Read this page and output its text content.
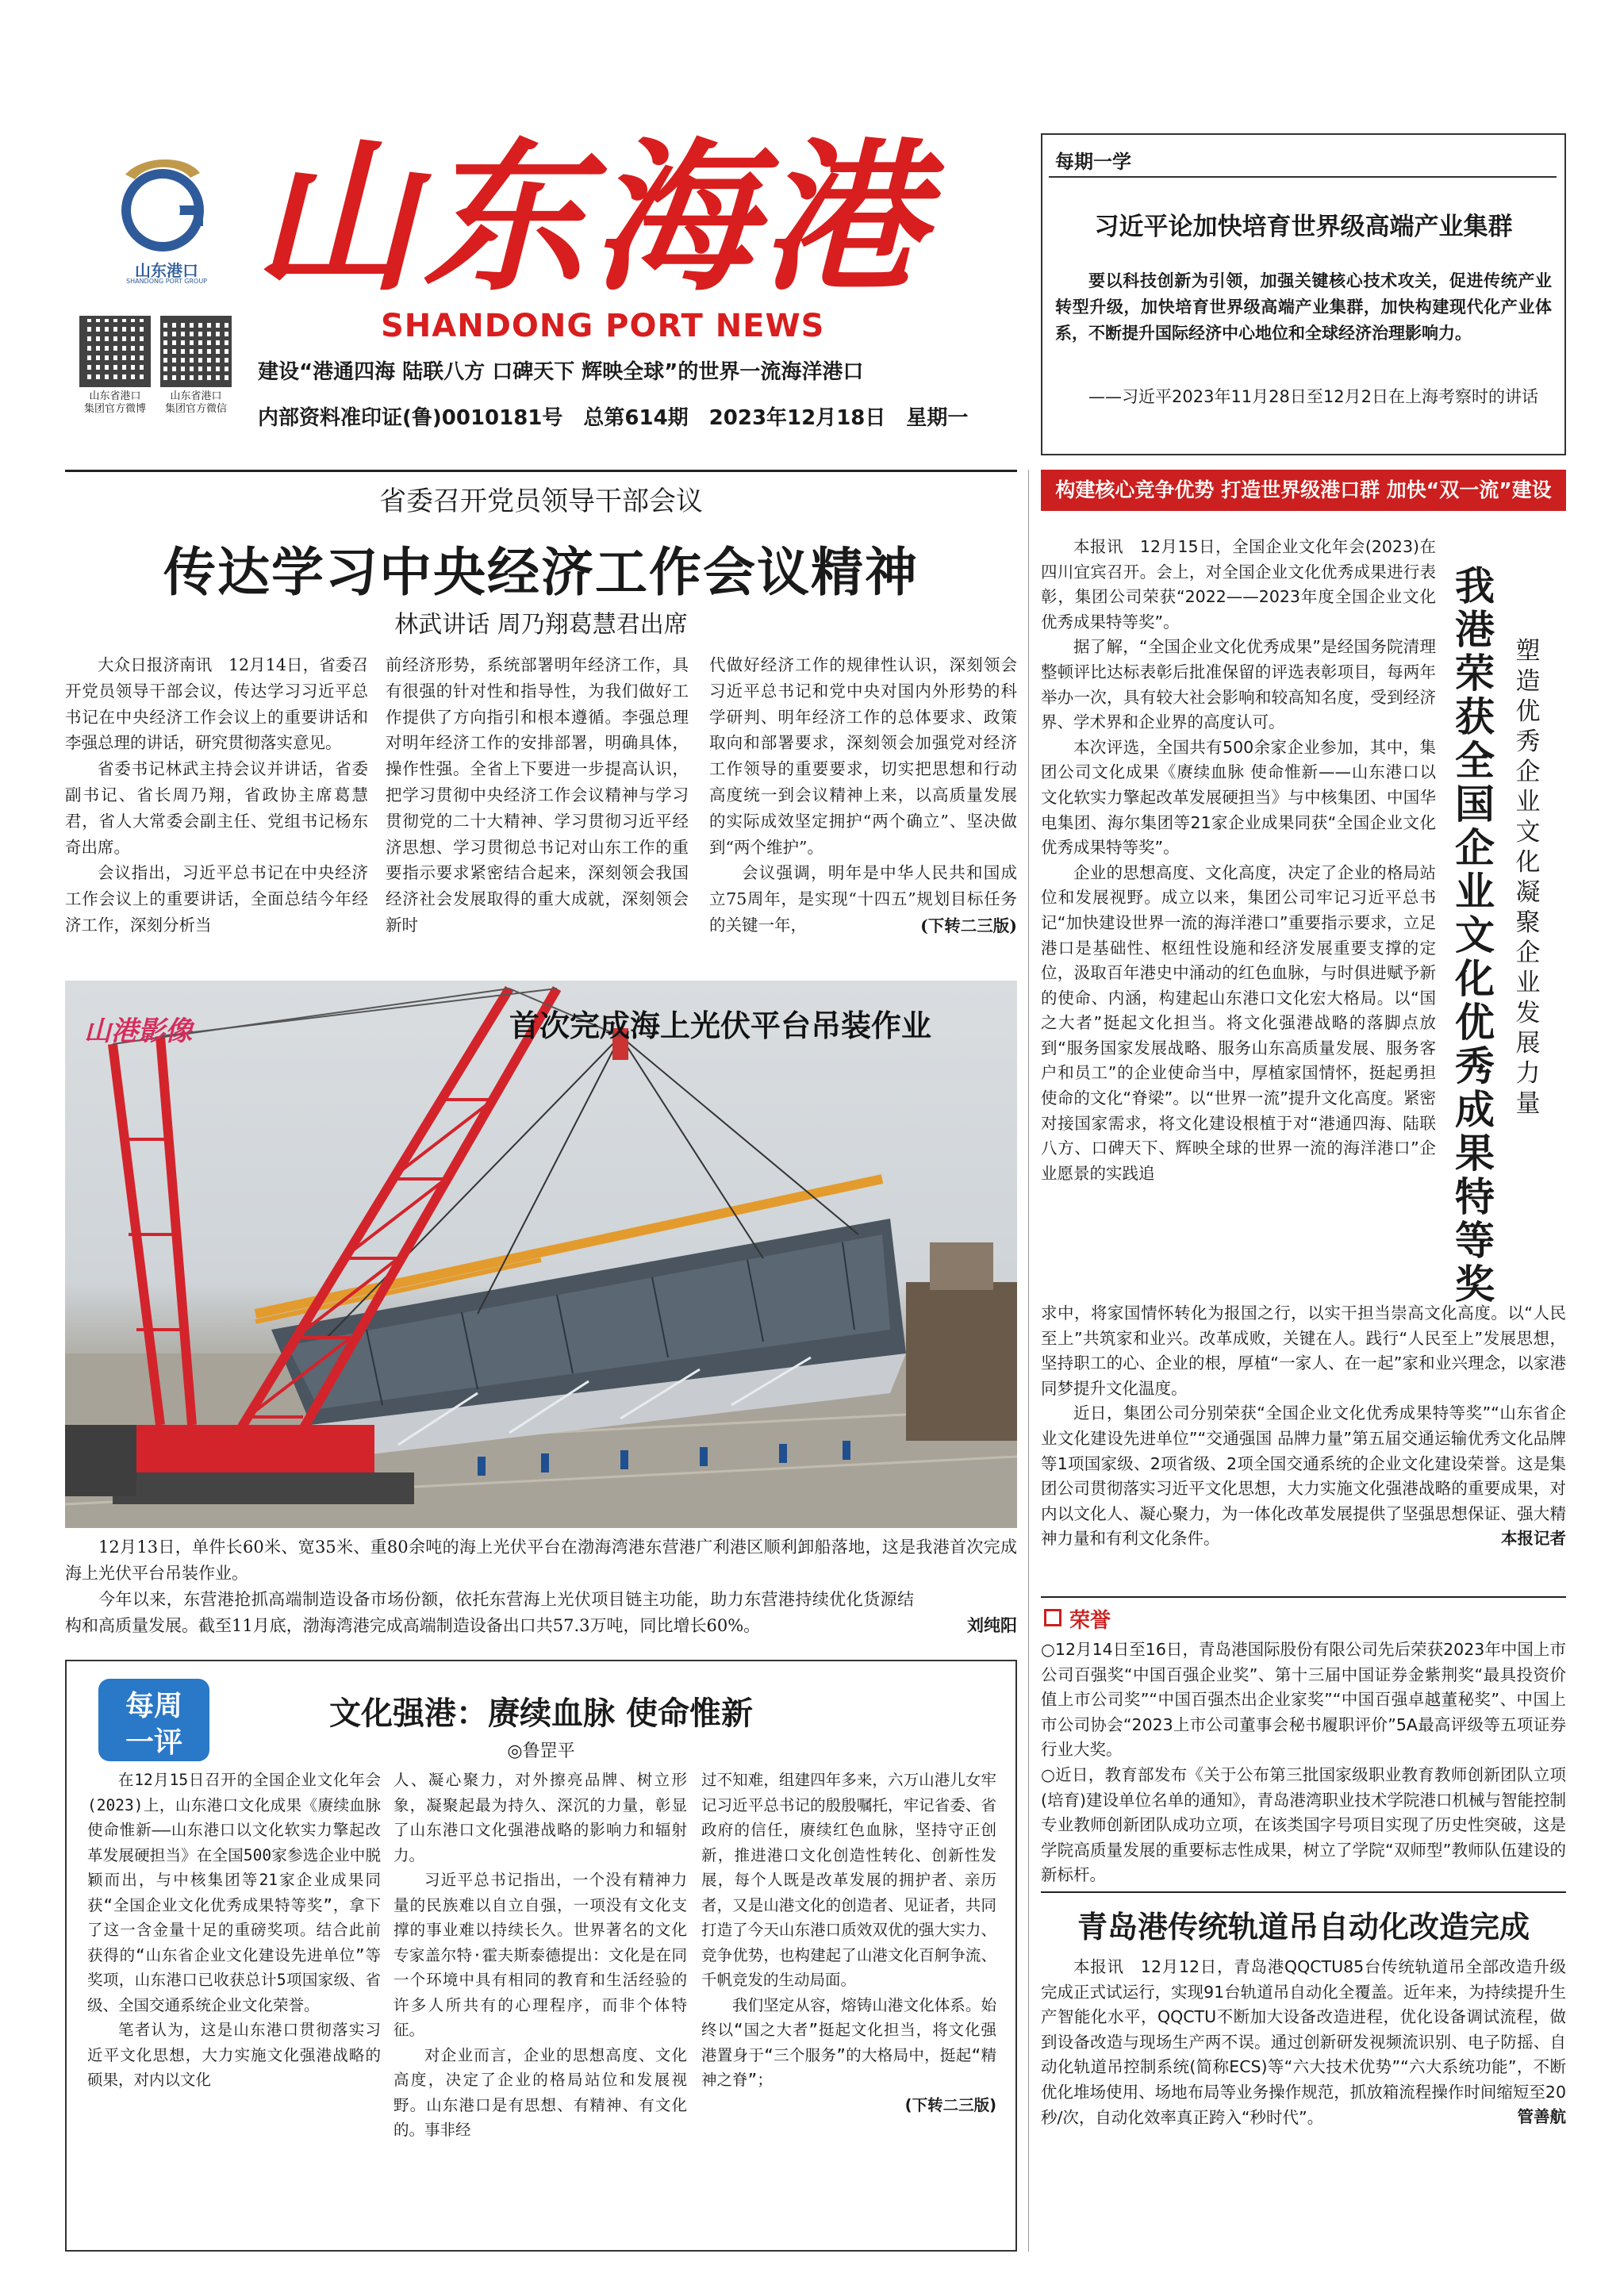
山东港口
SHANDONG PORT GROUP 山东海港
SHANDONG PORT NEWS
山东省港口
集团官方微博
山东省港口
集团官方微信
建设“港通四海 陆联八方 口碑天下 辉映全球”的世界一流海洋港口
内部资料准印证(鲁)0010181号　总第614期　2023年12月18日　星期一
每期一学
习近平论加快培育世界级高端产业集群
要以科技创新为引领，加强关键核心技术攻关，促进传统产业转型升级，加快培育世界级高端产业集群，加快构建现代化产业体系，不断提升国际经济中心地位和全球经济治理影响力。
——习近平2023年11月28日至12月2日在上海考察时的讲话
省委召开党员领导干部会议
传达学习中央经济工作会议精神
林武讲话 周乃翔葛慧君出席

大众日报济南讯　12月14日，省委召开党员领导干部会议，传达学习习近平总书记在中央经济工作会议上的重要讲话和李强总理的讲话，研究贯彻落实意见。

省委书记林武主持会议并讲话，省委副书记、省长周乃翔，省政协主席葛慧君，省人大常委会副主任、党组书记杨东奇出席。

会议指出，习近平总书记在中央经济工作会议上的重要讲话，全面总结今年经济工作，深刻分析当

前经济形势，系统部署明年经济工作，具有很强的针对性和指导性，为我们做好工作提供了方向指引和根本遵循。李强总理对明年经济工作的安排部署，明确具体，操作性强。全省上下要进一步提高认识，把学习贯彻中央经济工作会议精神与学习贯彻党的二十大精神、学习贯彻习近平经济思想、学习贯彻总书记对山东工作的重要指示要求紧密结合起来，深刻领会我国经济社会发展取得的重大成就，深刻领会新时

代做好经济工作的规律性认识，深刻领会习近平总书记和党中央对国内外形势的科学研判、明年经济工作的总体要求、政策取向和部署要求，深刻领会加强党对经济工作领导的重要要求，切实把思想和行动高度统一到会议精神上来，以高质量发展的实际成效坚定拥护“两个确立”、坚决做到“两个维护”。

会议强调，明年是中华人民共和国成立75周年，是实现“十四五”规划目标任务的关键一年，	(下转二三版)
山港影像	首次完成海上光伏平台吊装作业
12月13日，单件长60米、宽35米、重80余吨的海上光伏平台在渤海湾港东营港广利港区顺利卸船落地，这是我港首次完成海上光伏平台吊装作业。
今年以来，东营港抢抓高端制造设备市场份额，依托东营海上光伏项目链主功能，助力东营港持续优化货源结构和高质量发展。截至11月底，渤海湾港完成高端制造设备出口共57.3万吨，同比增长60%。	刘纯阳
每周
一评
文化强港：赓续血脉 使命惟新
◎鲁罡平

在12月15日召开的全国企业文化年会(2023)上，山东港口文化成果《赓续血脉 使命惟新——山东港口以文化软实力擎起改革发展硬担当》在全国500家参选企业中脱颖而出，与中核集团等21家企业成果同获“全国企业文化优秀成果特等奖”，拿下了这一含金量十足的重磅奖项。结合此前获得的“山东省企业文化建设先进单位”等奖项，山东港口已收获总计5项国家级、省级、全国交通系统企业文化荣誉。

笔者认为，这是山东港口贯彻落实习近平文化思想，大力实施文化强港战略的硕果，对内以文化

人、凝心聚力，对外擦亮品牌、树立形象，凝聚起最为持久、深沉的力量，彰显了山东港口文化强港战略的影响力和辐射力。

习近平总书记指出，一个没有精神力量的民族难以自立自强，一项没有文化支撑的事业难以持续长久。世界著名的文化专家盖尔特·霍夫斯泰德提出：文化是在同一个环境中具有相同的教育和生活经验的许多人所共有的心理程序，而非个体特征。

对企业而言，企业的思想高度、文化高度，决定了企业的格局站位和发展视野。山东港口是有思想、有精神、有文化的。事非经

过不知难，组建四年多来，六万山港儿女牢记习近平总书记的殷殷嘱托，牢记省委、省政府的信任，赓续红色血脉，坚持守正创新，推进港口文化创造性转化、创新性发展，每个人既是改革发展的拥护者、亲历者，又是山港文化的创造者、见证者，共同打造了今天山东港口质效双优的强大实力、竞争优势，也构建起了山港文化百舸争流、千帆竞发的生动局面。

我们坚定从容，熔铸山港文化体系。始终以“国之大者”挺起文化担当，将文化强港置身于“三个服务”的大格局中，挺起“精神之脊”；

(下转二三版)
构建核心竞争优势 打造世界级港口群 加快“双一流”建设
我港荣获全国企业文化优秀成果特等奖
塑造优秀企业文化 凝聚企业发展力量

本报讯　12月15日，全国企业文化年会(2023)在四川宜宾召开。会上，对全国企业文化优秀成果进行表彰，集团公司荣获“2022——2023年度全国企业文化优秀成果特等奖”。

据了解，“全国企业文化优秀成果”是经国务院清理整顿评比达标表彰后批准保留的评选表彰项目，每两年举办一次，具有较大社会影响和较高知名度，受到经济界、学术界和企业界的高度认可。

本次评选，全国共有500余家企业参加，其中，集团公司文化成果《赓续血脉 使命惟新——山东港口以文化软实力擎起改革发展硬担当》与中核集团、中国华电集团、海尔集团等21家企业成果同获“全国企业文化优秀成果特等奖”。

企业的思想高度、文化高度，决定了企业的格局站位和发展视野。成立以来，集团公司牢记习近平总书记“加快建设世界一流的海洋港口”重要指示要求，立足港口是基础性、枢纽性设施和经济发展重要支撑的定位，汲取百年港史中涌动的红色血脉，与时俱进赋予新的使命、内涵，构建起山东港口文化宏大格局。以“国之大者”挺起文化担当。将文化强港战略的落脚点放到“服务国家发展战略、服务山东高质量发展、服务客户和员工”的企业使命当中，厚植家国情怀，挺起勇担使命的文化“脊梁”。以“世界一流”提升文化高度。紧密对接国家需求，将文化建设根植于对“港通四海、陆联八方、口碑天下、辉映全球的世界一流的海洋港口”企业愿景的实践追

求中，将家国情怀转化为报国之行，以实干担当崇高文化高度。以“人民至上”共筑家和业兴。改革成败，关键在人。践行“人民至上”发展思想，坚持职工的心、企业的根，厚植“一家人、在一起”家和业兴理念，以家港同梦提升文化温度。

近日，集团公司分别荣获“全国企业文化优秀成果特等奖”“山东省企业文化建设先进单位”“交通强国 品牌力量”第五届交通运输优秀文化品牌等1项国家级、2项省级、2项全国交通系统的企业文化建设荣誉。这是集团公司贯彻落实习近平文化思想，大力实施文化强港战略的重要成果，对内以文化人、凝心聚力，为一体化改革发展提供了坚强思想保证、强大精神力量和有利文化条件。	本报记者
荣誉

○12月14日至16日，青岛港国际股份有限公司先后荣获2023年中国上市公司百强奖“中国百强企业奖”、第十三届中国证券金紫荆奖“最具投资价值上市公司奖”“中国百强杰出企业家奖”“中国百强卓越董秘奖”、中国上市公司协会“2023上市公司董事会秘书履职评价”5A最高评级等五项证券行业大奖。

○近日，教育部发布《关于公布第三批国家级职业教育教师创新团队立项(培育)建设单位名单的通知》，青岛港湾职业技术学院港口机械与智能控制专业教师创新团队成功立项，在该类国字号项目实现了历史性突破，这是学院高质量发展的重要标志性成果，树立了学院“双师型”教师队伍建设的新标杆。

青岛港传统轨道吊自动化改造完成

本报讯　12月12日，青岛港QQCTU85台传统轨道吊全部改造升级完成正式试运行，实现91台轨道吊自动化全覆盖。近年来，为持续提升生产智能化水平，QQCTU不断加大设备改造进程，优化设备调试流程，做到设备改造与现场生产两不误。通过创新研发视频流识别、电子防摇、自动化轨道吊控制系统(简称ECS)等“六大技术优势”“六大系统功能”，不断优化堆场使用、场地布局等业务操作规范，抓放箱流程操作时间缩短至20秒/次，自动化效率真正跨入“秒时代”。	管善航
